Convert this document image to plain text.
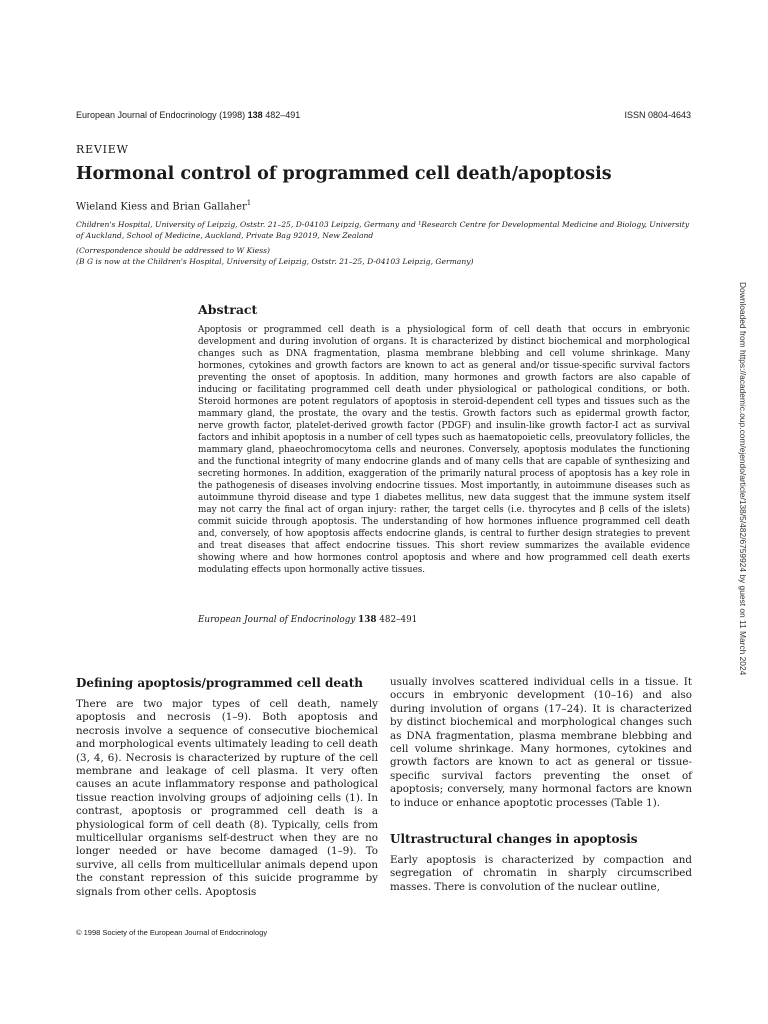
European Journal of Endocrinology (1998) 138 482–491	ISSN 0804-4643
REVIEW
Hormonal control of programmed cell death/apoptosis
Wieland Kiess and Brian Gallaher$^1$
Children's Hospital, University of Leipzig, Oststr. 21–25, D-04103 Leipzig, Germany and ¹Research Centre for Developmental Medicine and Biology, University of Auckland, School of Medicine, Auckland, Private Bag 92019, New Zealand
(Correspondence should be addressed to W Kiess)
(B G is now at the Children's Hospital, University of Leipzig, Oststr. 21–25, D-04103 Leipzig, Germany)
Abstract

Apoptosis or programmed cell death is a physiological form of cell death that occurs in embryonic development and during involution of organs. It is characterized by distinct biochemical and morphological changes such as DNA fragmentation, plasma membrane blebbing and cell volume shrinkage. Many hormones, cytokines and growth factors are known to act as general and/or tissue-specific survival factors preventing the onset of apoptosis. In addition, many hormones and growth factors are also capable of inducing or facilitating programmed cell death under physiological or pathological conditions, or both. Steroid hormones are potent regulators of apoptosis in steroid-dependent cell types and tissues such as the mammary gland, the prostate, the ovary and the testis. Growth factors such as epidermal growth factor, nerve growth factor, platelet-derived growth factor (PDGF) and insulin-like growth factor-I act as survival factors and inhibit apoptosis in a number of cell types such as haematopoietic cells, preovulatory follicles, the mammary gland, phaeochromocytoma cells and neurones. Conversely, apoptosis modulates the functioning and the functional integrity of many endocrine glands and of many cells that are capable of synthesizing and secreting hormones. In addition, exaggeration of the primarily natural process of apoptosis has a key role in the pathogenesis of diseases involving endocrine tissues. Most importantly, in autoimmune diseases such as autoimmune thyroid disease and type 1 diabetes mellitus, new data suggest that the immune system itself may not carry the final act of organ injury: rather, the target cells (i.e. thyrocytes and β cells of the islets) commit suicide through apoptosis. The understanding of how hormones influence programmed cell death and, conversely, of how apoptosis affects endocrine glands, is central to further design strategies to prevent and treat diseases that affect endocrine tissues. This short review summarizes the available evidence showing where and how hormones control apoptosis and where and how programmed cell death exerts modulating effects upon hormonally active tissues.

European Journal of Endocrinology 138 482–491
Defining apoptosis/programmed cell death

There are two major types of cell death, namely apoptosis and necrosis (1–9). Both apoptosis and necrosis involve a sequence of consecutive biochemical and morphological events ultimately leading to cell death (3, 4, 6). Necrosis is characterized by rupture of the cell membrane and leakage of cell plasma. It very often causes an acute inflammatory response and pathological tissue reaction involving groups of adjoining cells (1). In contrast, apoptosis or programmed cell death is a physiological form of cell death (8). Typically, cells from multicellular organisms self-destruct when they are no longer needed or have become damaged (1–9). To survive, all cells from multicellular animals depend upon the constant repression of this suicide programme by signals from other cells. Apoptosis

usually involves scattered individual cells in a tissue. It occurs in embryonic development (10–16) and also during involution of organs (17–24). It is characterized by distinct biochemical and morphological changes such as DNA fragmentation, plasma membrane blebbing and cell volume shrinkage. Many hormones, cytokines and growth factors are known to act as general or tissue-specific survival factors preventing the onset of apoptosis; conversely, many hormonal factors are known to induce or enhance apoptotic processes (Table 1).

Ultrastructural changes in apoptosis

Early apoptosis is characterized by compaction and segregation of chromatin in sharply circumscribed masses. There is convolution of the nuclear outline,

© 1998 Society of the European Journal of Endocrinology
Downloaded from https://academic.oup.com/ejendo/article/138/5/482/6759924 by guest on 11 March 2024
